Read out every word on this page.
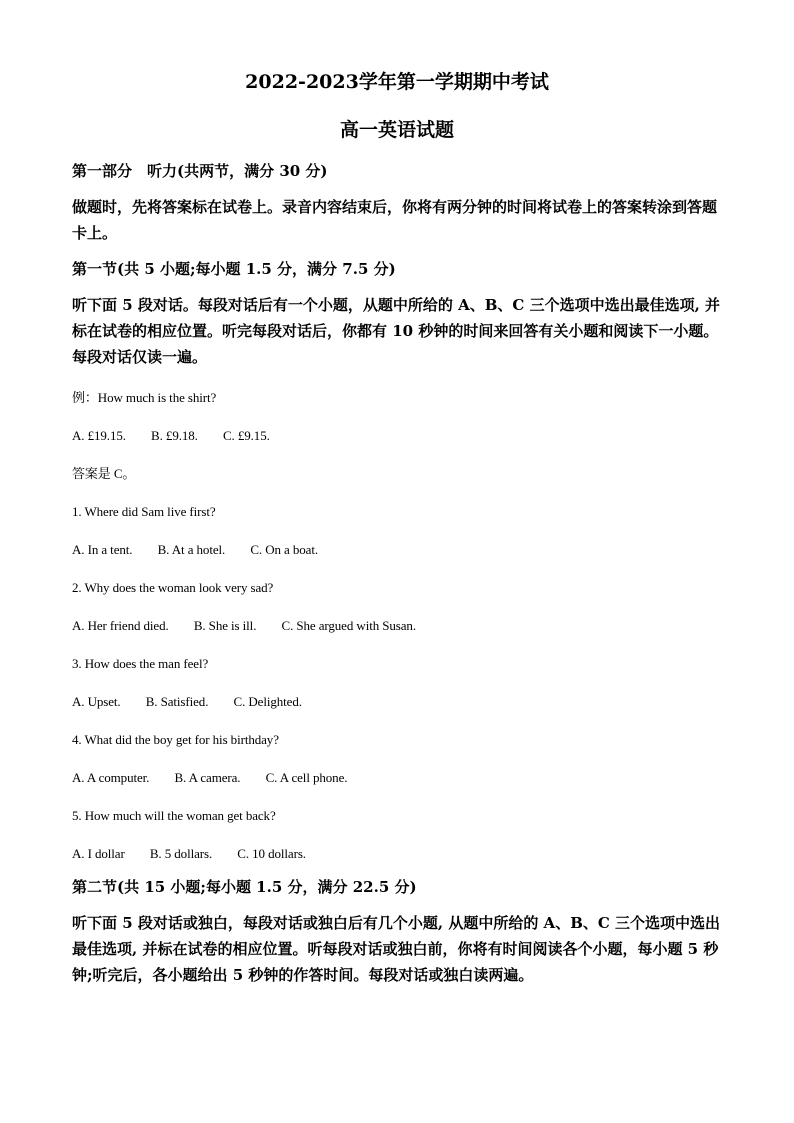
2022-2023学年第一学期期中考试
高一英语试题

第一部分　听力(共两节，满分 30 分)

做题时，先将答案标在试卷上。录音内容结束后，你将有两分钟的时间将试卷上的答案转涂到答题卡上。

第一节(共 5 小题;每小题 1.5 分，满分 7.5 分)

听下面 5 段对话。每段对话后有一个小题，从题中所给的 A、B、C 三个选项中选出最佳选项, 并标在试卷的相应位置。听完每段对话后，你都有 10 秒钟的时间来回答有关小题和阅读下一小题。每段对话仅读一遍。

例：How much is the shirt?

A. £19.15. B. £9.18. C. £9.15.

答案是 C。

1. Where did Sam live first?

A. In a tent. B. At a hotel. C. On a boat.

2. Why does the woman look very sad?

A. Her friend died. B. She is ill. C. She argued with Susan.

3. How does the man feel?

A. Upset. B. Satisfied. C. Delighted.

4. What did the boy get for his birthday?

A. A computer. B. A camera. C. A cell phone.

5. How much will the woman get back?

A. I dollar B. 5 dollars. C. 10 dollars.

第二节(共 15 小题;每小题 1.5 分，满分 22.5 分)

听下面 5 段对话或独白，每段对话或独白后有几个小题, 从题中所给的 A、B、C 三个选项中选出最佳选项, 并标在试卷的相应位置。听每段对话或独白前，你将有时间阅读各个小题，每小题 5 秒钟;听完后，各小题给出 5 秒钟的作答时间。每段对话或独白读两遍。
